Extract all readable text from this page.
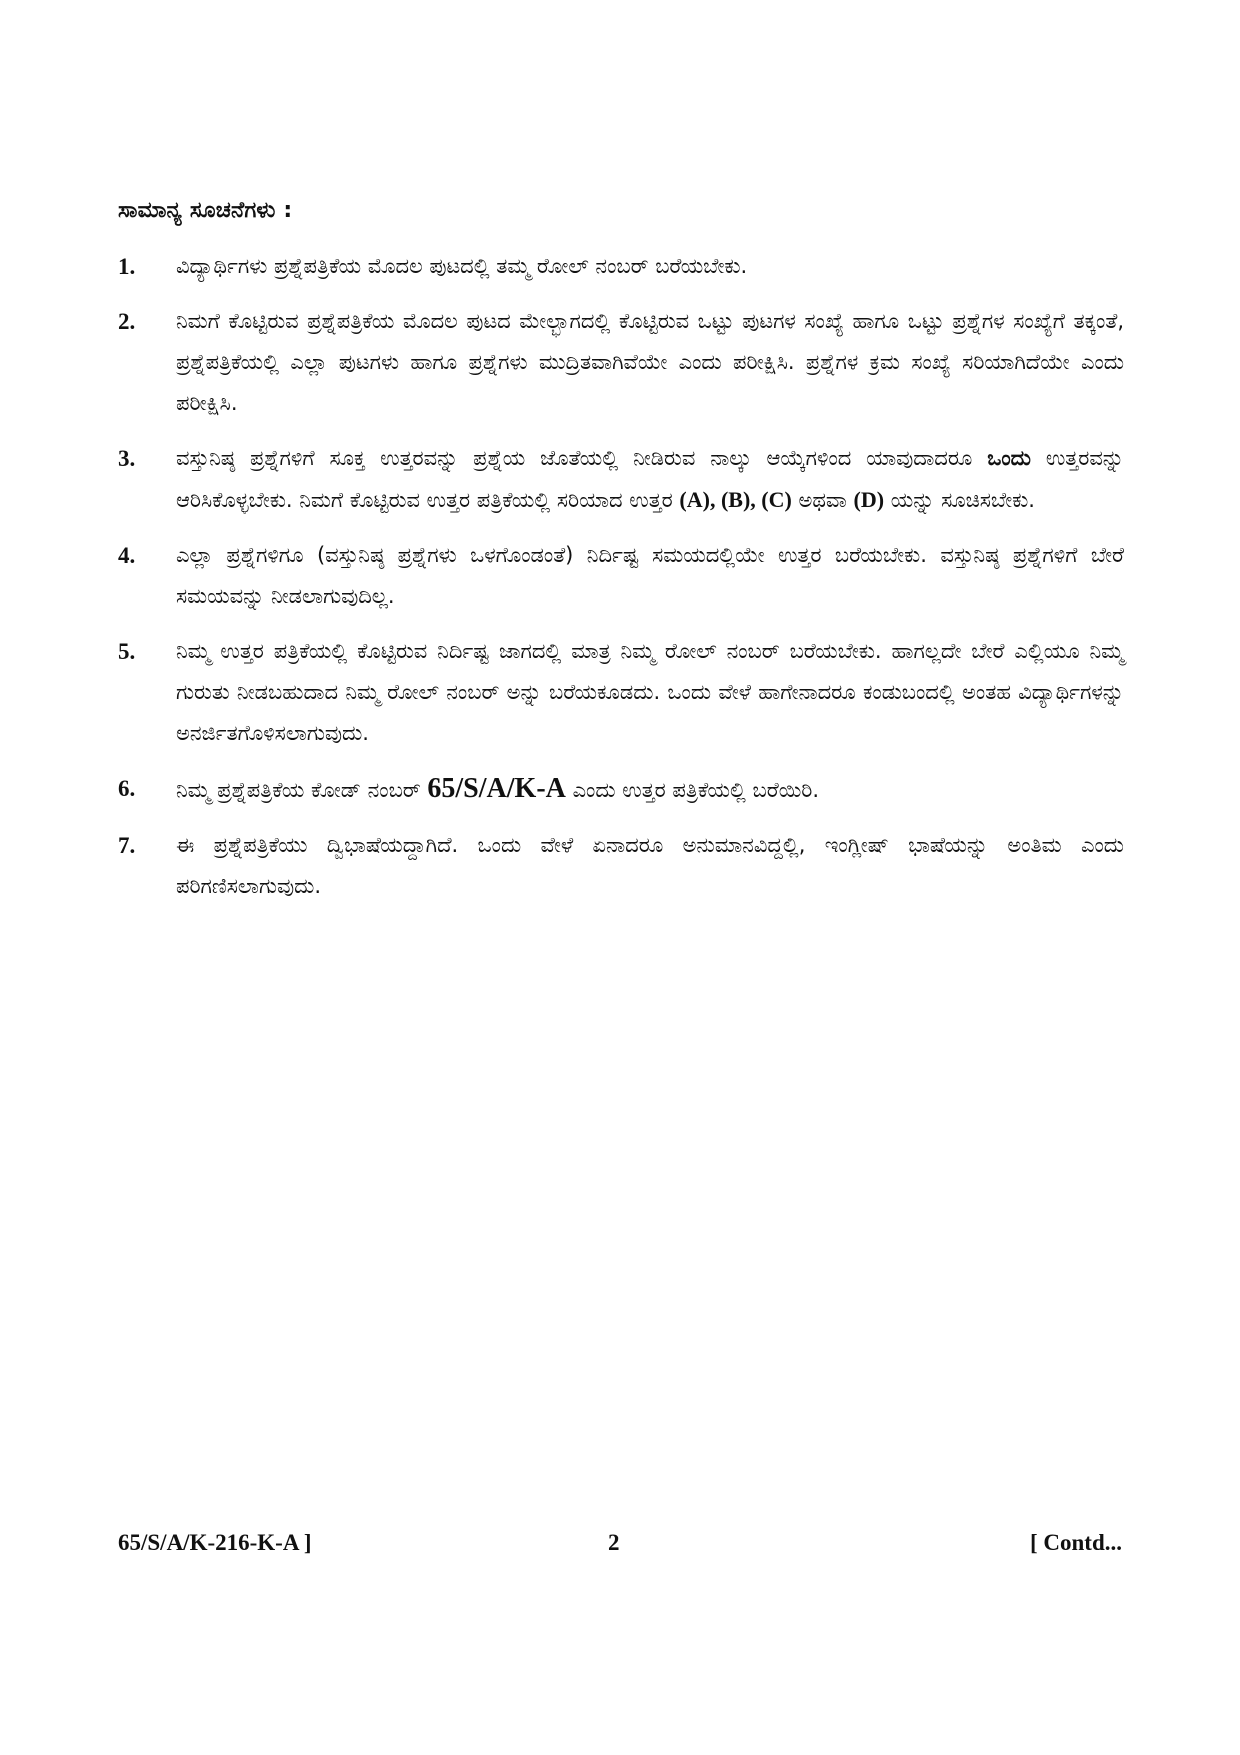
ಸಾಮಾನ್ಯ ಸೂಚನೆಗಳು :
1.	ವಿದ್ಯಾರ್ಥಿಗಳು ಪ್ರಶ್ನೆಪತ್ರಿಕೆಯ ಮೊದಲ ಪುಟದಲ್ಲಿ ತಮ್ಮ ರೋಲ್ ನಂಬರ್ ಬರೆಯಬೇಕು.
2.	ನಿಮಗೆ ಕೊಟ್ಟಿರುವ ಪ್ರಶ್ನೆಪತ್ರಿಕೆಯ ಮೊದಲ ಪುಟದ ಮೇಲ್ಭಾಗದಲ್ಲಿ ಕೊಟ್ಟಿರುವ ಒಟ್ಟು ಪುಟಗಳ ಸಂಖ್ಯೆ ಹಾಗೂ ಒಟ್ಟು ಪ್ರಶ್ನೆಗಳ ಸಂಖ್ಯೆಗೆ ತಕ್ಕಂತೆ, ಪ್ರಶ್ನೆಪತ್ರಿಕೆಯಲ್ಲಿ ಎಲ್ಲಾ ಪುಟಗಳು ಹಾಗೂ ಪ್ರಶ್ನೆಗಳು ಮುದ್ರಿತವಾಗಿವೆಯೇ ಎಂದು ಪರೀಕ್ಷಿಸಿ. ಪ್ರಶ್ನೆಗಳ ಕ್ರಮ ಸಂಖ್ಯೆ ಸರಿಯಾಗಿದೆಯೇ ಎಂದು ಪರೀಕ್ಷಿಸಿ.
3.	ವಸ್ತುನಿಷ್ಠ ಪ್ರಶ್ನೆಗಳಿಗೆ ಸೂಕ್ತ ಉತ್ತರವನ್ನು ಪ್ರಶ್ನೆಯ ಜೊತೆಯಲ್ಲಿ ನೀಡಿರುವ ನಾಲ್ಕು ಆಯ್ಕೆಗಳಿಂದ ಯಾವುದಾದರೂ ಒಂದು ಉತ್ತರವನ್ನು ಆರಿಸಿಕೊಳ್ಳಬೇಕು. ನಿಮಗೆ ಕೊಟ್ಟಿರುವ ಉತ್ತರ ಪತ್ರಿಕೆಯಲ್ಲಿ ಸರಿಯಾದ ಉತ್ತರ (A), (B), (C) ಅಥವಾ (D) ಯನ್ನು ಸೂಚಿಸಬೇಕು.
4.	ಎಲ್ಲಾ ಪ್ರಶ್ನೆಗಳಿಗೂ (ವಸ್ತುನಿಷ್ಠ ಪ್ರಶ್ನೆಗಳು ಒಳಗೊಂಡಂತೆ) ನಿರ್ದಿಷ್ಟ ಸಮಯದಲ್ಲಿಯೇ ಉತ್ತರ ಬರೆಯಬೇಕು. ವಸ್ತುನಿಷ್ಠ ಪ್ರಶ್ನೆಗಳಿಗೆ ಬೇರೆ ಸಮಯವನ್ನು ನೀಡಲಾಗುವುದಿಲ್ಲ.
5.	ನಿಮ್ಮ ಉತ್ತರ ಪತ್ರಿಕೆಯಲ್ಲಿ ಕೊಟ್ಟಿರುವ ನಿರ್ದಿಷ್ಟ ಜಾಗದಲ್ಲಿ ಮಾತ್ರ ನಿಮ್ಮ ರೋಲ್ ನಂಬರ್ ಬರೆಯಬೇಕು. ಹಾಗಲ್ಲದೇ ಬೇರೆ ಎಲ್ಲಿಯೂ ನಿಮ್ಮ ಗುರುತು ನೀಡಬಹುದಾದ ನಿಮ್ಮ ರೋಲ್ ನಂಬರ್ ಅನ್ನು ಬರೆಯಕೂಡದು. ಒಂದು ವೇಳೆ ಹಾಗೇನಾದರೂ ಕಂಡುಬಂದಲ್ಲಿ ಅಂತಹ ವಿದ್ಯಾರ್ಥಿಗಳನ್ನು ಅನರ್ಜಿತಗೊಳಿಸಲಾಗುವುದು.
6.	ನಿಮ್ಮ ಪ್ರಶ್ನೆಪತ್ರಿಕೆಯ ಕೋಡ್ ನಂಬರ್ 65/S/A/K-A ಎಂದು ಉತ್ತರ ಪತ್ರಿಕೆಯಲ್ಲಿ ಬರೆಯಿರಿ.
7.	ಈ ಪ್ರಶ್ನೆಪತ್ರಿಕೆಯು ದ್ವಿಭಾಷೆಯದ್ದಾಗಿದೆ. ಒಂದು ವೇಳೆ ಏನಾದರೂ ಅನುಮಾನವಿದ್ದಲ್ಲಿ, ಇಂಗ್ಲೀಷ್ ಭಾಷೆಯನ್ನು ಅಂತಿಮ ಎಂದು ಪರಿಗಣಿಸಲಾಗುವುದು.
65/S/A/K-216-K-A ]	2	[ Contd...
